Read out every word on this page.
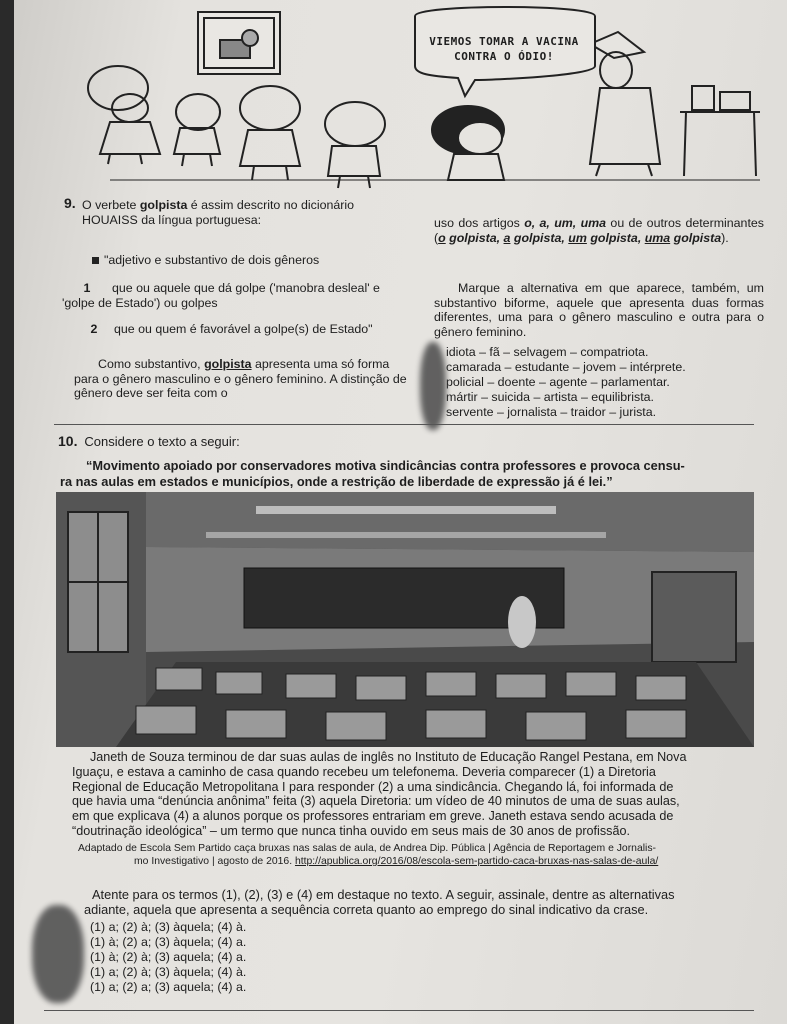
VIEMOS TOMAR A VACINA CONTRA O ÓDIO!
9. O verbete golpista é assim descrito no dicionário HOUAISS da língua portuguesa:
"adjetivo e substantivo de dois gêneros
1 que ou aquele que dá golpe ('manobra desleal' e 'golpe de Estado') ou golpes
2 que ou quem é favorável a golpe(s) de Estado"
Como substantivo, golpista apresenta uma só forma para o gênero masculino e o gênero feminino. A distinção de gênero deve ser feita com o
uso dos artigos o, a, um, uma ou de outros determinantes (o golpista, a golpista, um golpista, uma golpista).
Marque a alternativa em que aparece, também, um substantivo biforme, aquele que apresenta duas formas diferentes, uma para o gênero masculino e outra para o gênero feminino.
idiota – fã – selvagem – compatriota.
camarada – estudante – jovem – intérprete.
policial – doente – agente – parlamentar.
mártir – suicida – artista – equilibrista.
servente – jornalista – traidor – jurista.
10. Considere o texto a seguir:
“Movimento apoiado por conservadores motiva sindicâncias contra professores e provoca censu-
ra nas aulas em estados e municípios, onde a restrição de liberdade de expressão já é lei.”
Janeth de Souza terminou de dar suas aulas de inglês no Instituto de Educação Rangel Pestana, em Nova
Iguaçu, e estava a caminho de casa quando recebeu um telefonema. Deveria comparecer (1) a Diretoria
Regional de Educação Metropolitana I para responder (2) a uma sindicância. Chegando lá, foi informada de
que havia uma “denúncia anônima” feita (3) aquela Diretoria: um vídeo de 40 minutos de uma de suas aulas,
em que explicava (4) a alunos porque os professores entrariam em greve. Janeth estava sendo acusada de
“doutrinação ideológica” – um termo que nunca tinha ouvido em seus mais de 30 anos de profissão.
Adaptado de Escola Sem Partido caça bruxas nas salas de aula, de Andrea Dip. Pública | Agência de Reportagem e Jornalis-
mo Investigativo | agosto de 2016. http://apublica.org/2016/08/escola-sem-partido-caca-bruxas-nas-salas-de-aula/
Atente para os termos (1), (2), (3) e (4) em destaque no texto. A seguir, assinale, dentre as alternativas
adiante, aquela que apresenta a sequência correta quanto ao emprego do sinal indicativo da crase.
(1) a; (2) à; (3) àquela; (4) à.
(1) à; (2) a; (3) àquela; (4) a.
(1) à; (2) à; (3) aquela; (4) a.
(1) a; (2) à; (3) àquela; (4) à.
(1) a; (2) a; (3) aquela; (4) a.
